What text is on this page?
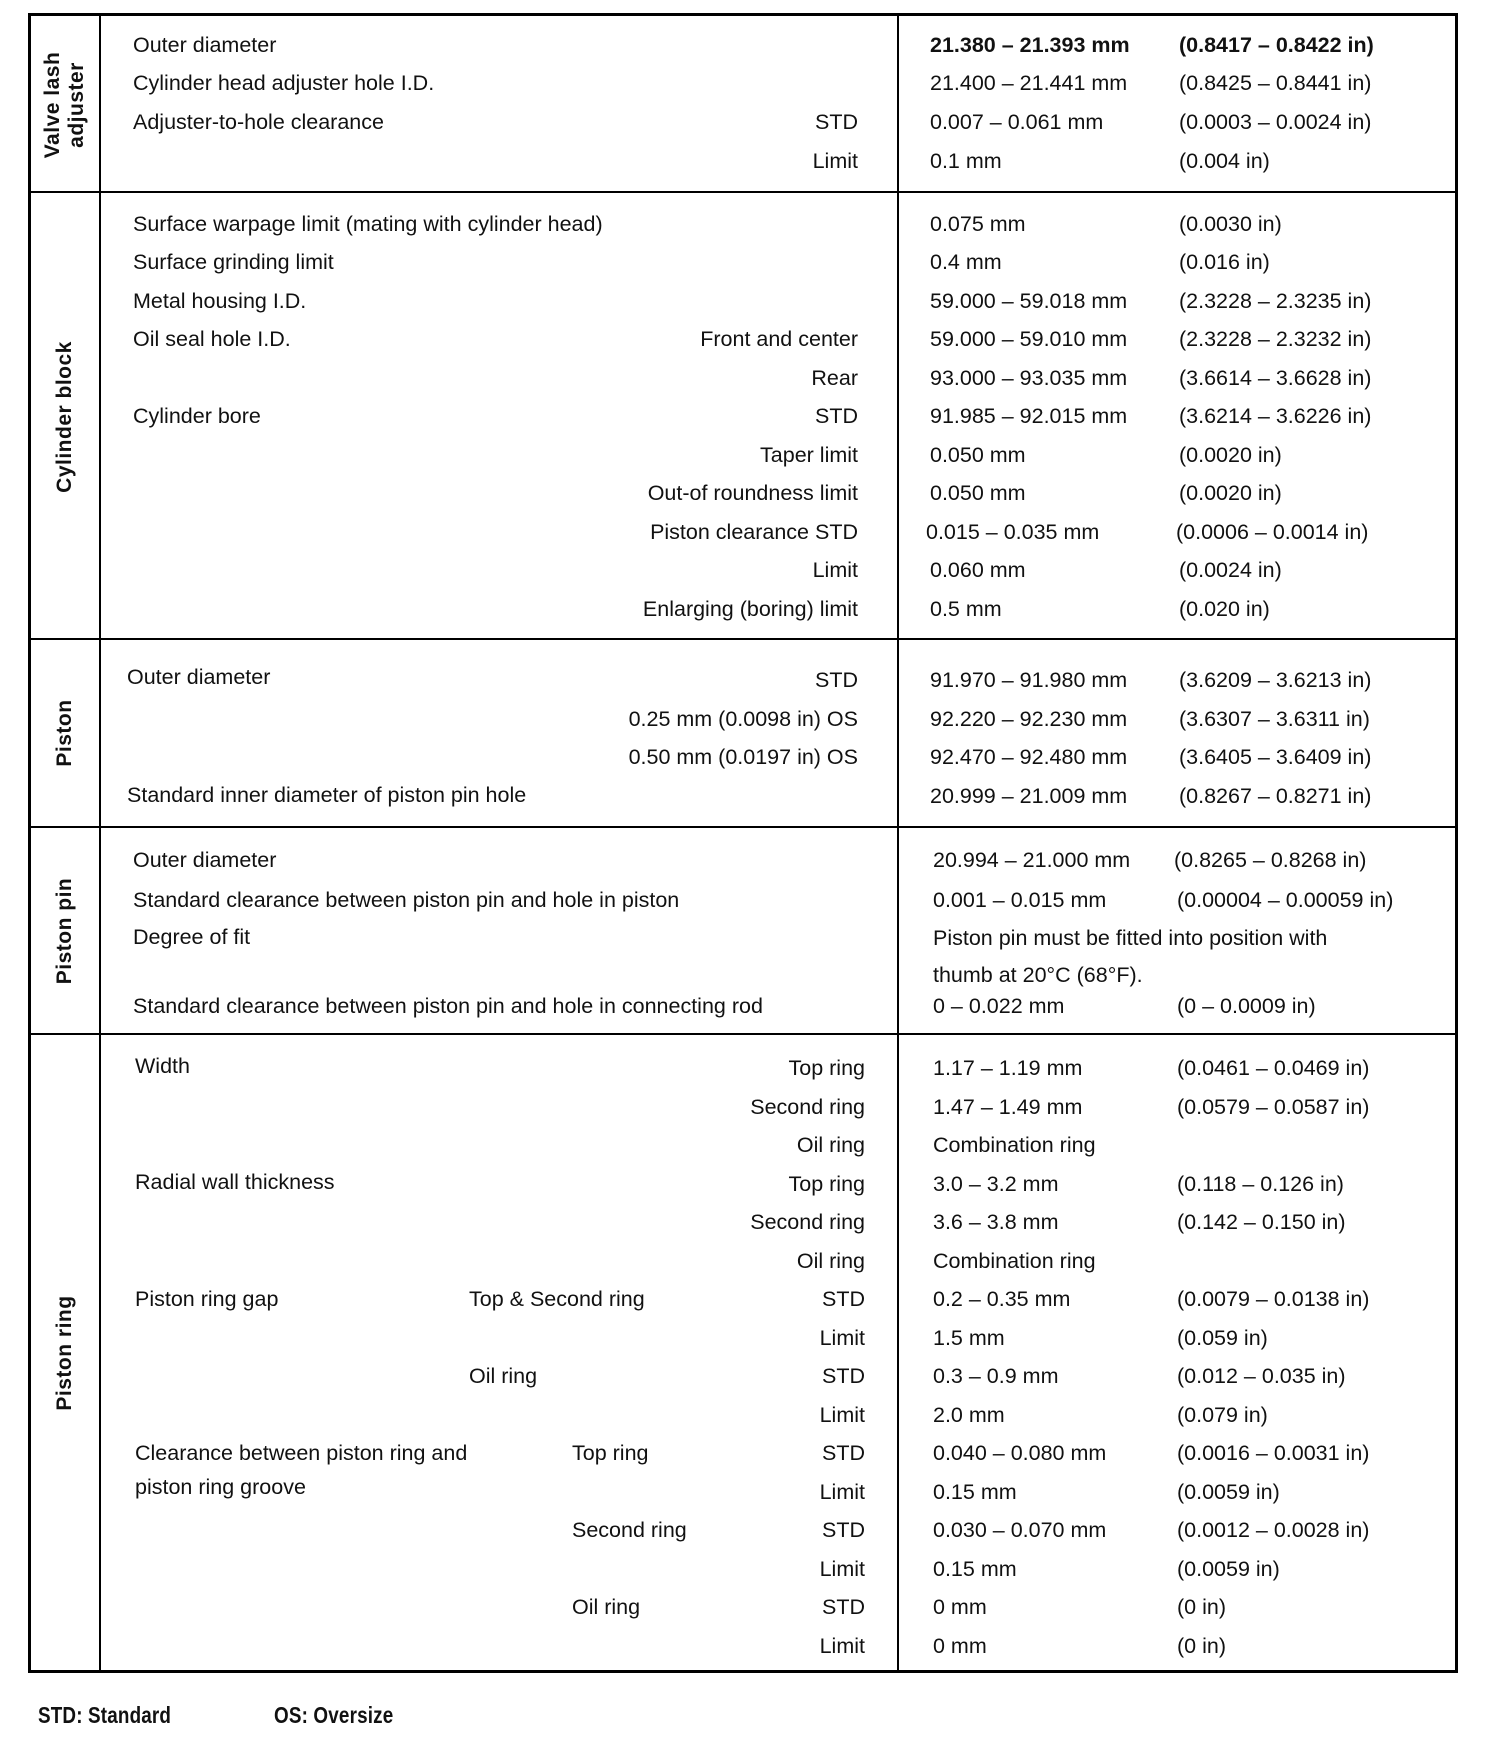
Valve lash adjuster
Outer diameter	21.380 – 21.393 mm (0.8417 – 0.8422 in)
Cylinder head adjuster hole I.D.	21.400 – 21.441 mm (0.8425 – 0.8441 in)
Adjuster-to-hole clearance	STD	0.007 – 0.061 mm	(0.0003 – 0.0024 in)
Limit	0.1 mm	(0.004 in)
Cylinder block
Surface warpage limit (mating with cylinder head)	0.075 mm	(0.0030 in)
Surface grinding limit	0.4 mm	(0.016 in)
Metal housing I.D.	59.000 – 59.018 mm (2.3228 – 2.3235 in)
Oil seal hole I.D.	Front and center	59.000 – 59.010 mm (2.3228 – 2.3232 in)
Rear	93.000 – 93.035 mm (3.6614 – 3.6628 in)
Cylinder bore	STD	91.985 – 92.015 mm (3.6214 – 3.6226 in)
Taper limit	0.050 mm	(0.0020 in)
Out-of roundness limit	0.050 mm	(0.0020 in)
Piston clearance STD	0.015 – 0.035 mm	(0.0006 – 0.0014 in)
Limit	0.060 mm	(0.0024 in)
Enlarging (boring) limit	0.5 mm	(0.020 in)
Piston
Outer diameter	STD	91.970 – 91.980 mm (3.6209 – 3.6213 in)
0.25 mm (0.0098 in) OS	92.220 – 92.230 mm (3.6307 – 3.6311 in)
0.50 mm (0.0197 in) OS	92.470 – 92.480 mm (3.6405 – 3.6409 in)
Standard inner diameter of piston pin hole	20.999 – 21.009 mm (0.8267 – 0.8271 in)
Piston pin
Outer diameter	20.994 – 21.000 mm (0.8265 – 0.8268 in)
Standard clearance between piston pin and hole in piston	0.001 – 0.015 mm	(0.00004 – 0.00059 in)
Degree of fit	Piston pin must be fitted into position with
thumb at 20°C (68°F).
Standard clearance between piston pin and hole in connecting rod	0 – 0.022 mm	(0 – 0.0009 in)
Piston ring
Width	Top ring	1.17 – 1.19 mm	(0.0461 – 0.0469 in)
Second ring	1.47 – 1.49 mm	(0.0579 – 0.0587 in)
Oil ring	Combination ring
Radial wall thickness	Top ring	3.0 – 3.2 mm	(0.118 – 0.126 in)
Second ring	3.6 – 3.8 mm	(0.142 – 0.150 in)
Oil ring	Combination ring
Piston ring gap	Top & Second ring	STD	0.2 – 0.35 mm	(0.0079 – 0.0138 in)
Limit	1.5 mm	(0.059 in)
Oil ring	STD	0.3 – 0.9 mm	(0.012 – 0.035 in)
Limit	2.0 mm	(0.079 in)
Clearance between piston ring and	Top ring	STD	0.040 – 0.080 mm	(0.0016 – 0.0031 in)
piston ring groove	Limit	0.15 mm	(0.0059 in)
Second ring	STD	0.030 – 0.070 mm	(0.0012 – 0.0028 in)
Limit	0.15 mm	(0.0059 in)
Oil ring	STD	0 mm	(0 in)
Limit	0 mm	(0 in)
STD: Standard	OS: Oversize
